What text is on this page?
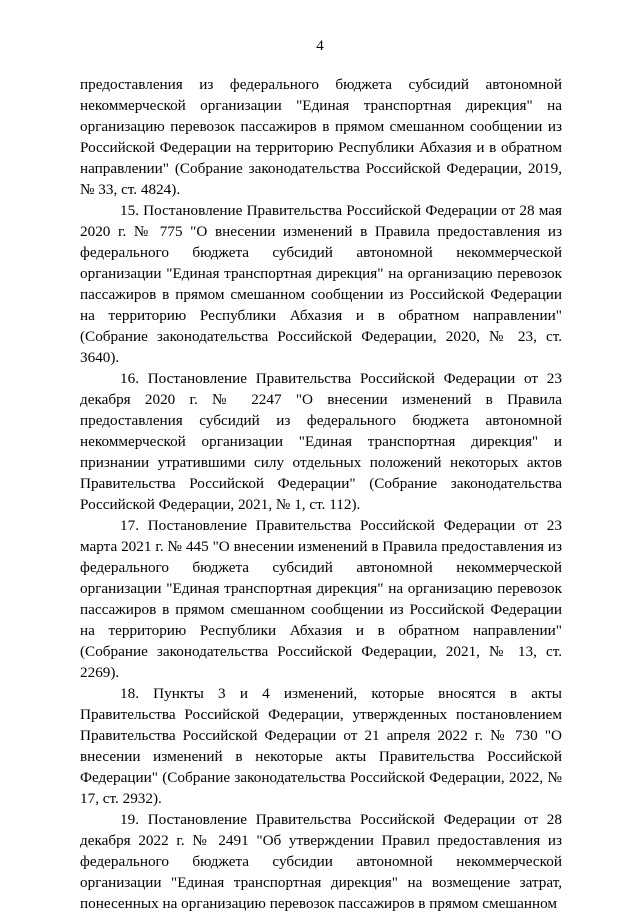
4

предоставления из федерального бюджета субсидий автономной некоммерческой организации "Единая транспортная дирекция" на организацию перевозок пассажиров в прямом смешанном сообщении из Российской Федерации на территорию Республики Абхазия и в обратном направлении" (Собрание законодательства Российской Федерации, 2019, № 33, ст. 4824).

15. Постановление Правительства Российской Федерации от 28 мая 2020 г. № 775 "О внесении изменений в Правила предоставления из федерального бюджета субсидий автономной некоммерческой организации "Единая транспортная дирекция" на организацию перевозок пассажиров в прямом смешанном сообщении из Российской Федерации на территорию Республики Абхазия и в обратном направлении" (Собрание законодательства Российской Федерации, 2020, № 23, ст. 3640).

16. Постановление Правительства Российской Федерации от 23 декабря 2020 г. № 2247 "О внесении изменений в Правила предоставления субсидий из федерального бюджета автономной некоммерческой организации "Единая транспортная дирекция" и признании утратившими силу отдельных положений некоторых актов Правительства Российской Федерации" (Собрание законодательства Российской Федерации, 2021, № 1, ст. 112).

17. Постановление Правительства Российской Федерации от 23 марта 2021 г. № 445 "О внесении изменений в Правила предоставления из федерального бюджета субсидий автономной некоммерческой организации "Единая транспортная дирекция" на организацию перевозок пассажиров в прямом смешанном сообщении из Российской Федерации на территорию Республики Абхазия и в обратном направлении" (Собрание законодательства Российской Федерации, 2021, № 13, ст. 2269).

18. Пункты 3 и 4 изменений, которые вносятся в акты Правительства Российской Федерации, утвержденных постановлением Правительства Российской Федерации от 21 апреля 2022 г. № 730 "О внесении изменений в некоторые акты Правительства Российской Федерации" (Собрание законодательства Российской Федерации, 2022, № 17, ст. 2932).

19. Постановление Правительства Российской Федерации от 28 декабря 2022 г. № 2491 "Об утверждении Правил предоставления из федерального бюджета субсидии автономной некоммерческой организации "Единая транспортная дирекция" на возмещение затрат, понесенных на организацию перевозок пассажиров в прямом смешанном
